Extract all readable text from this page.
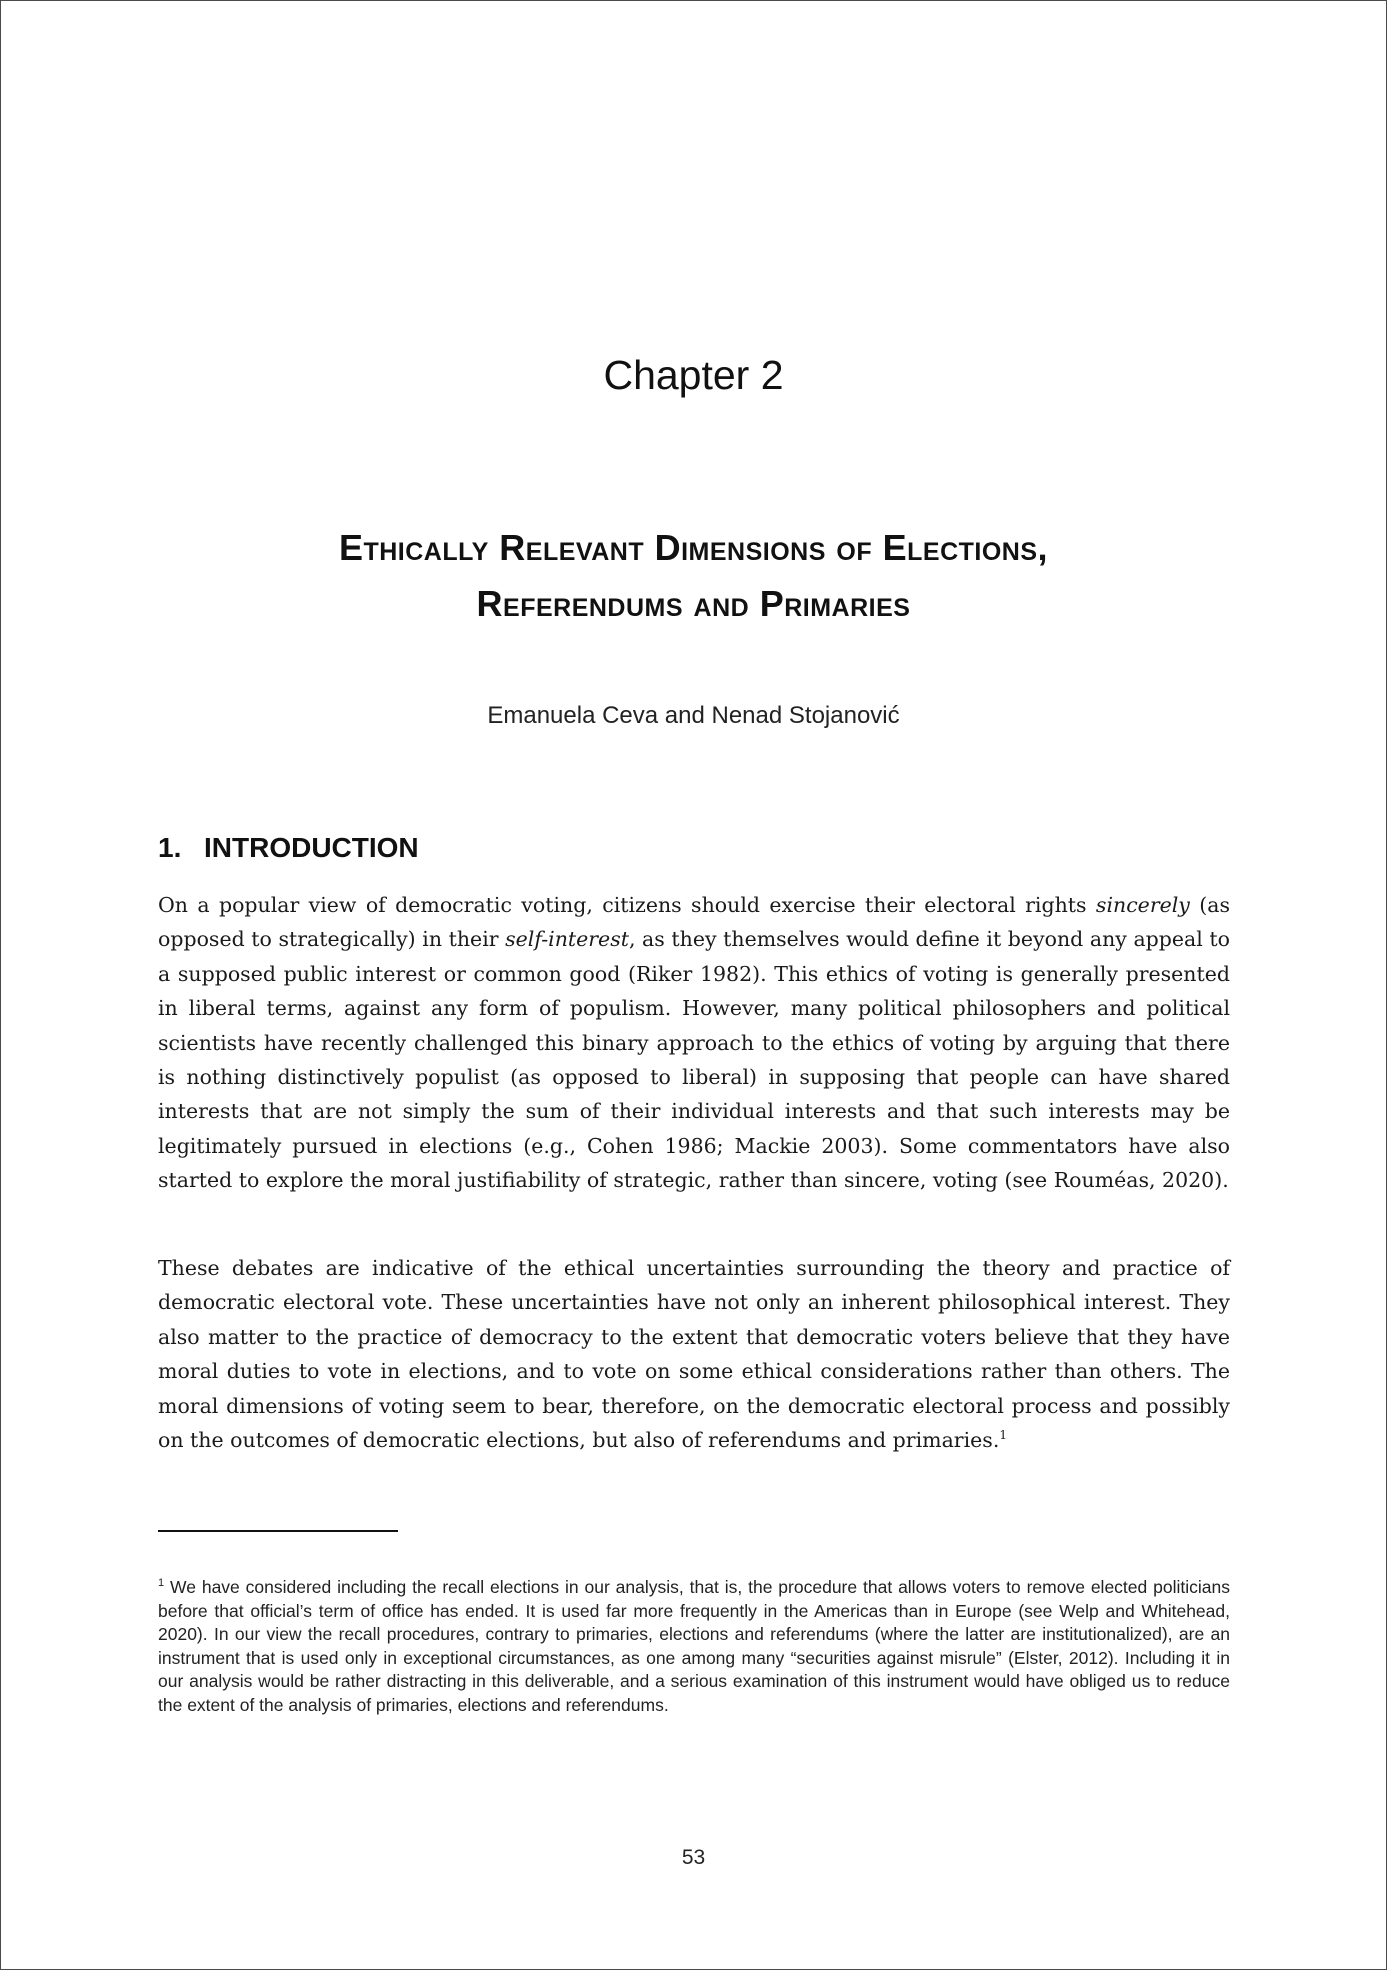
Chapter 2
Ethically Relevant Dimensions of Elections,
Referendums and Primaries

Emanuela Ceva and Nenad Stojanović

1. INTRODUCTION

On a popular view of democratic voting, citizens should exercise their electoral rights sincerely (as opposed to strategically) in their self-interest, as they themselves would define it beyond any appeal to a supposed public interest or common good (Riker 1982). This ethics of voting is generally presented in liberal terms, against any form of populism. However, many political philosophers and political scientists have recently challenged this binary approach to the ethics of voting by arguing that there is nothing distinctively populist (as opposed to liberal) in supposing that people can have shared interests that are not simply the sum of their individual interests and that such interests may be legitimately pursued in elections (e.g., Cohen 1986; Mackie 2003). Some commentators have also started to explore the moral justifiability of strategic, rather than sincere, voting (see Rouméas, 2020).

These debates are indicative of the ethical uncertainties surrounding the theory and practice of democratic electoral vote. These uncertainties have not only an inherent philosophical interest. They also matter to the practice of democracy to the extent that democratic voters believe that they have moral duties to vote in elections, and to vote on some ethical considerations rather than others. The moral dimensions of voting seem to bear, therefore, on the democratic electoral process and possibly on the outcomes of democratic elections, but also of referendums and primaries.$^1$

$^1$ We have considered including the recall elections in our analysis, that is, the procedure that allows voters to remove elected politicians before that official’s term of office has ended. It is used far more frequently in the Americas than in Europe (see Welp and Whitehead, 2020). In our view the recall procedures, contrary to primaries, elections and referendums (where the latter are institutionalized), are an instrument that is used only in exceptional circumstances, as one among many “securities against misrule” (Elster, 2012). Including it in our analysis would be rather distracting in this deliverable, and a serious examination of this instrument would have obliged us to reduce the extent of the analysis of primaries, elections and referendums.

53
